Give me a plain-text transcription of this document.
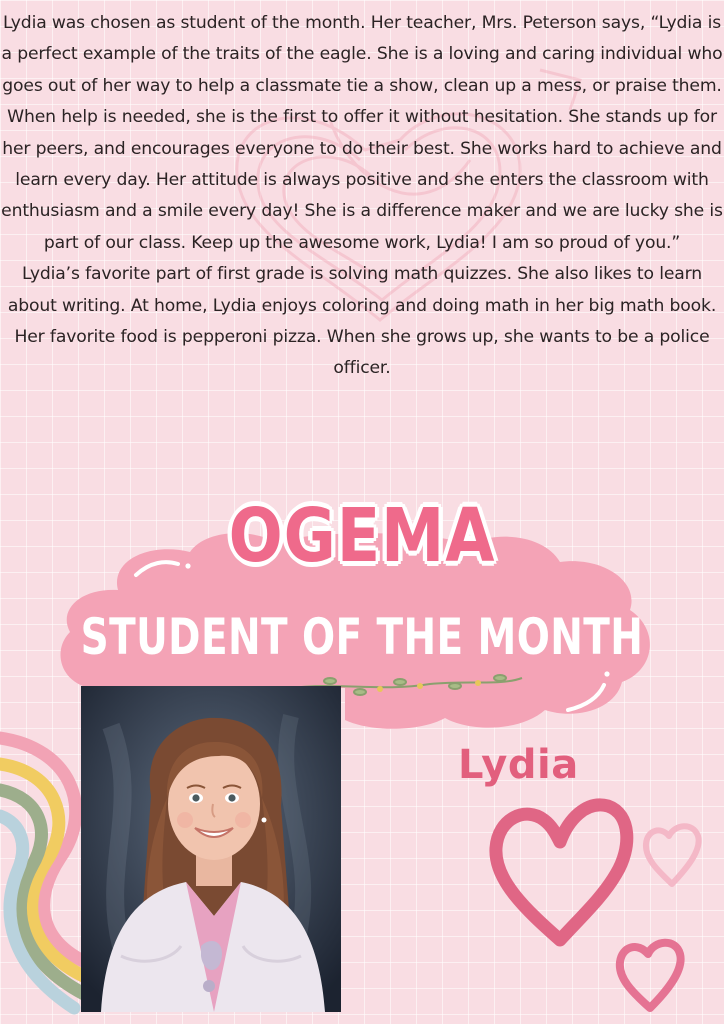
Lydia was chosen as student of the month. Her teacher, Mrs. Peterson says, “Lydia is a perfect example of the traits of the eagle. She is a loving and caring individual who goes out of her way to help a classmate tie a show, clean up a mess, or praise them. When help is needed, she is the first to offer it without hesitation. She stands up for her peers, and encourages everyone to do their best. She works hard to achieve and learn every day. Her attitude is always positive and she enters the classroom with enthusiasm and a smile every day! She is a difference maker and we are lucky she is part of our class. Keep up the awesome work, Lydia! I am so proud of you.”

Lydia’s favorite part of first grade is solving math quizzes. She also likes to learn about writing. At home, Lydia enjoys coloring and doing math in her big math book. Her favorite food is pepperoni pizza. When she grows up, she wants to be a police officer.

OGEMA
STUDENT OF THE MONTH
Lydia
